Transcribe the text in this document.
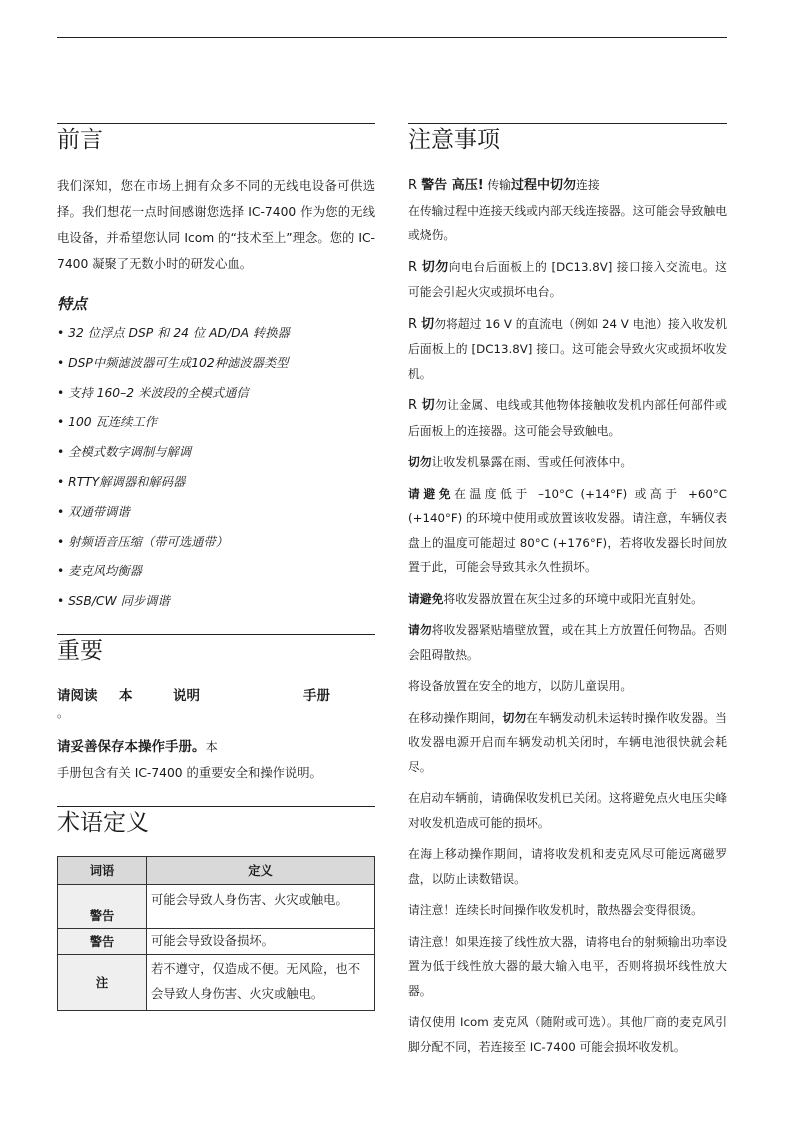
前言

我们深知，您在市场上拥有众多不同的无线电设备可供选择。我们想花一点时间感谢您选择 IC-7400 作为您的无线电设备，并希望您认同 Icom 的“技术至上”理念。您的 IC-7400 凝聚了无数小时的研发心血。

特点
• 32 位浮点 DSP 和 24 位 AD/DA 转换器
• DSP中频滤波器可生成102种滤波器类型
• 支持 160–2 米波段的全模式通信
• 100 瓦连续工作
• 全模式数字调制与解调
• RTTY解调器和解码器
• 双通带调谐
• 射频语音压缩（带可选通带）
• 麦克风均衡器
• SSB/CW 同步调谐
重要
请阅读	本	说明	手册
。
请妥善保存本操作手册。本

手册包含有关 IC-7400 的重要安全和操作说明。

术语定义
词语	定义
警告	可能会导致人身伤害、火灾或触电。
警告	可能会导致设备损坏。
注	若不遵守，仅造成不便。无风险，也不会导致人身伤害、火灾或触电。
注意事项

R 警告 高压! 传输过程中切勿连接
在传输过程中连接天线或内部天线连接器。这可能会导致触电或烧伤。

R 切勿向电台后面板上的 [DC13.8V] 接口接入交流电。这可能会引起火灾或损坏电台。

R 切勿将超过 16 V 的直流电（例如 24 V 电池）接入收发机后面板上的 [DC13.8V] 接口。这可能会导致火灾或损坏收发机。

R 切勿让金属、电线或其他物体接触收发机内部任何部件或后面板上的连接器。这可能会导致触电。

切勿让收发机暴露在雨、雪或任何液体中。

请避免在温度低于 –10°C (+14°F) 或高于 +60°C (+140°F) 的环境中使用或放置该收发器。请注意，车辆仪表盘上的温度可能超过 80°C (+176°F)，若将收发器长时间放置于此，可能会导致其永久性损坏。

请避免将收发器放置在灰尘过多的环境中或阳光直射处。

请勿将收发器紧贴墙壁放置，或在其上方放置任何物品。否则会阻碍散热。

将设备放置在安全的地方，以防儿童误用。

在移动操作期间，切勿在车辆发动机未运转时操作收发器。当收发器电源开启而车辆发动机关闭时，车辆电池很快就会耗尽。

在启动车辆前，请确保收发机已关闭。这将避免点火电压尖峰对收发机造成可能的损坏。

在海上移动操作期间，请将收发机和麦克风尽可能远离磁罗盘，以防止读数错误。

请注意！连续长时间操作收发机时，散热器会变得很烫。

请注意！如果连接了线性放大器，请将电台的射频输出功率设置为低于线性放大器的最大输入电平，否则将损坏线性放大器。

请仅使用 Icom 麦克风（随附或可选）。其他厂商的麦克风引脚分配不同，若连接至 IC-7400 可能会损坏收发机。
